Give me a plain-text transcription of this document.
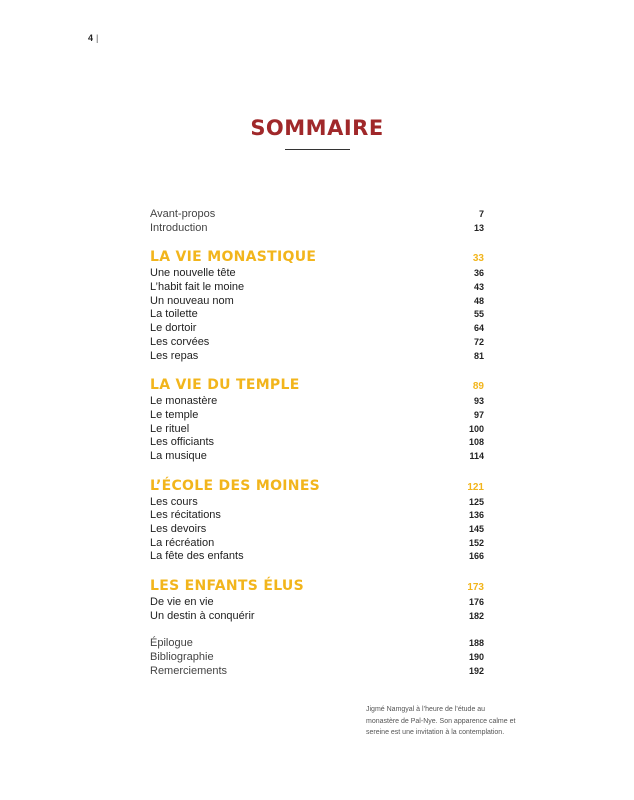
4 |
SOMMAIRE
Avant-propos	7
Introduction	13
LA VIE MONASTIQUE	33
Une nouvelle tête	36
L’habit fait le moine	43
Un nouveau nom	48
La toilette	55
Le dortoir	64
Les corvées	72
Les repas	81
LA VIE DU TEMPLE	89
Le monastère	93
Le temple	97
Le rituel	100
Les officiants	108
La musique	114
L’ÉCOLE DES MOINES	121
Les cours	125
Les récitations	136
Les devoirs	145
La récréation	152
La fête des enfants	166
LES ENFANTS ÉLUS	173
De vie en vie	176
Un destin à conquérir	182
Épilogue	188
Bibliographie	190
Remerciements	192
Jigmé Namgyal à l’heure de l’étude au
monastère de Pal-Nye. Son apparence calme et
sereine est une invitation à la contemplation.
